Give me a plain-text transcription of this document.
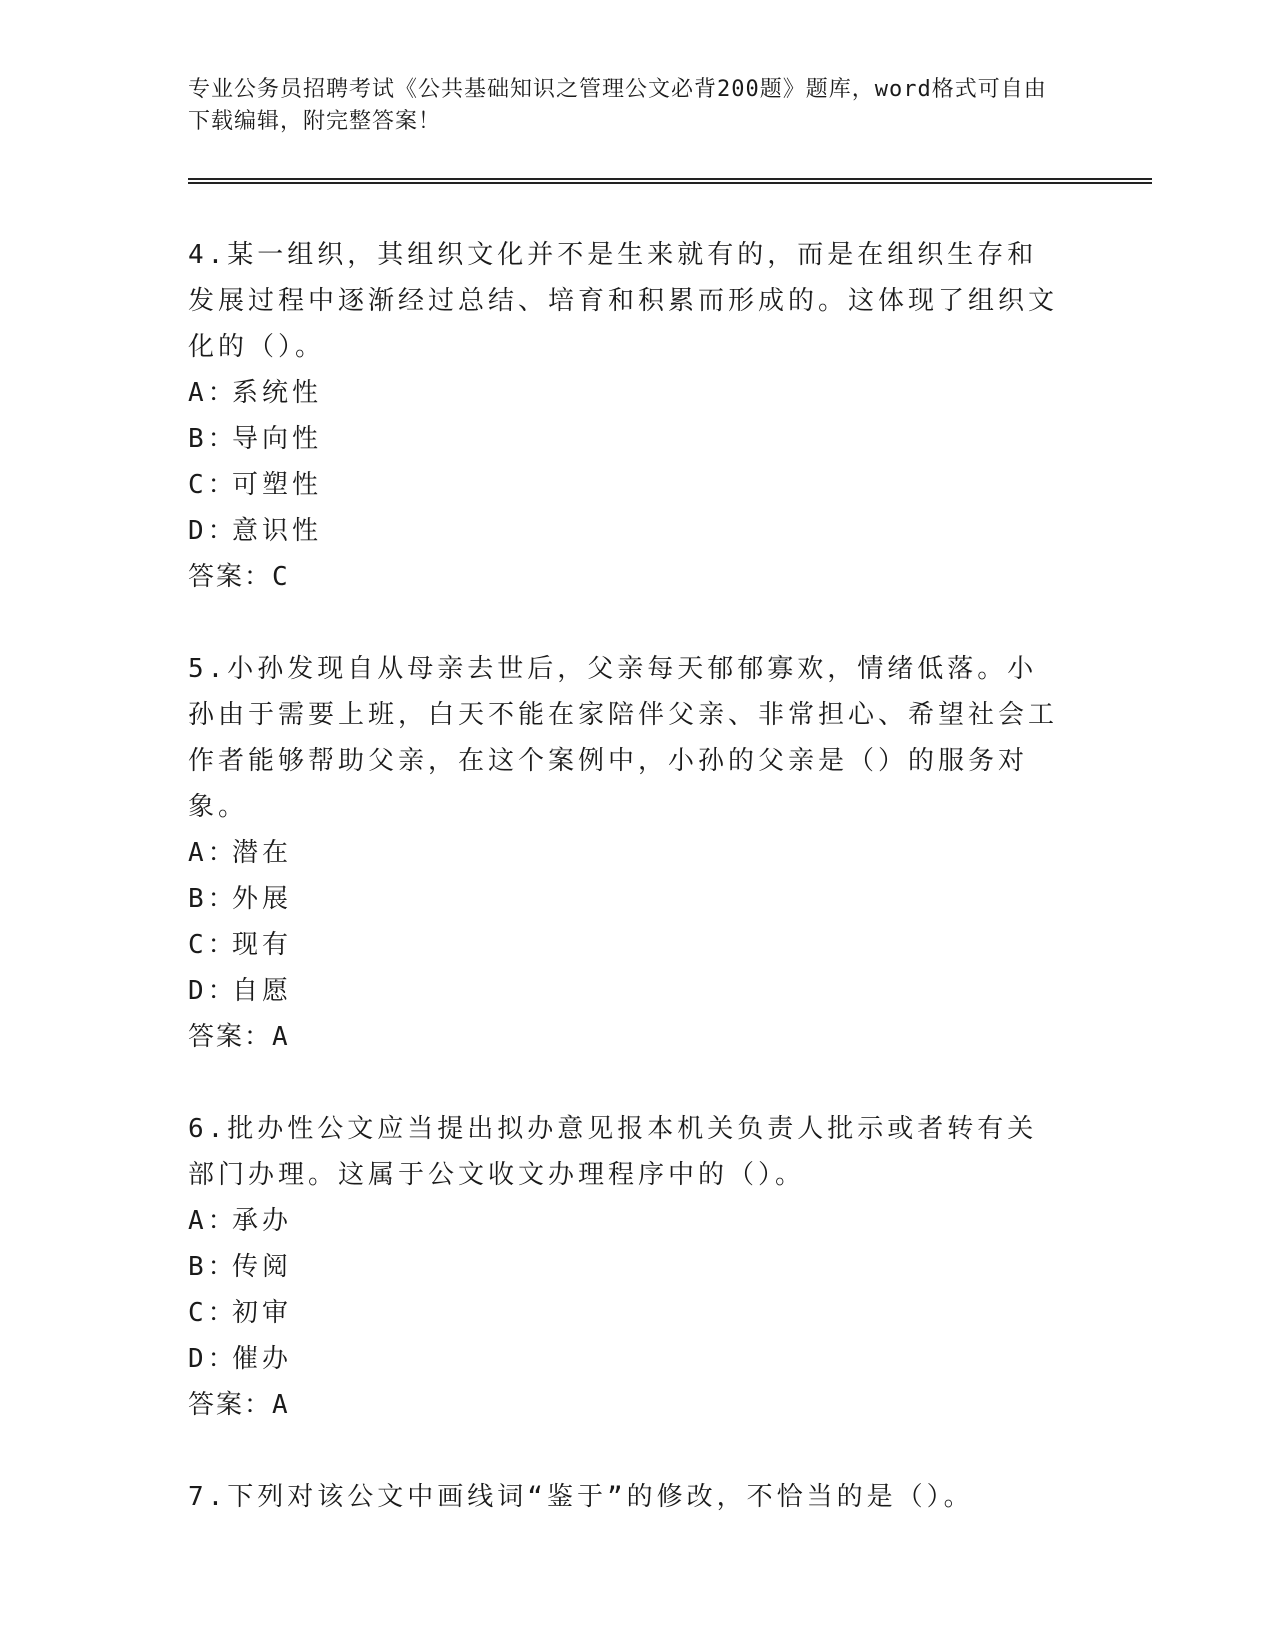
专业公务员招聘考试《公共基础知识之管理公文必背200题》题库，word格式可自由下载编辑，附完整答案！

4.某一组织，其组织文化并不是生来就有的，而是在组织生存和发展过程中逐渐经过总结、培育和积累而形成的。这体现了组织文化的（）。

A：系统性

B：导向性

C：可塑性

D：意识性

答案：C

5.小孙发现自从母亲去世后，父亲每天郁郁寡欢，情绪低落。小孙由于需要上班，白天不能在家陪伴父亲、非常担心、希望社会工作者能够帮助父亲，在这个案例中，小孙的父亲是（）的服务对象。

A：潜在

B：外展

C：现有

D：自愿

答案：A

6.批办性公文应当提出拟办意见报本机关负责人批示或者转有关部门办理。这属于公文收文办理程序中的（）。

A：承办

B：传阅

C：初审

D：催办

答案：A

7.下列对该公文中画线词“鉴于”的修改，不恰当的是（）。
